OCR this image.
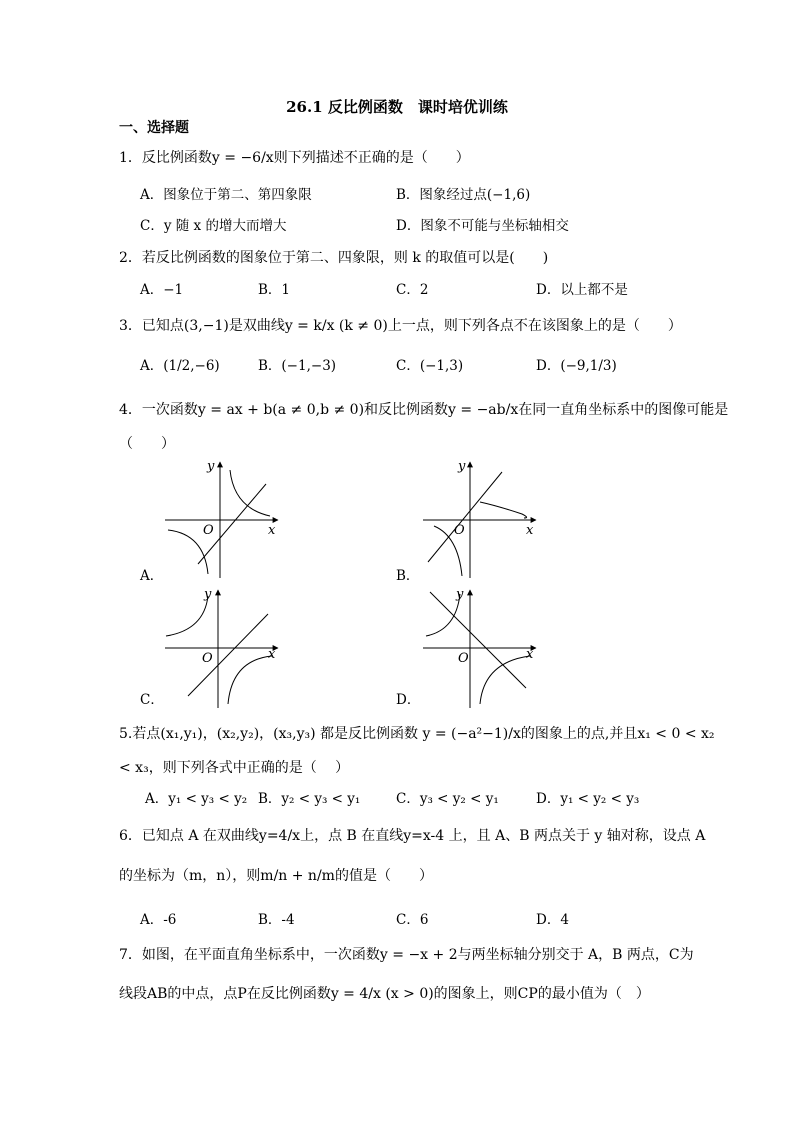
26.1 反比例函数　课时培优训练
一、选择题
1．反比例函数y = −6/x则下列描述不正确的是（　　）
A．图象位于第二、第四象限	B．图象经过点(−1,6)
C．y 随 x 的增大而增大	D．图象不可能与坐标轴相交
2．若反比例函数的图象位于第二、四象限，则 k 的取值可以是(　　)
A．−1	B．1	C．2	D．以上都不是
3．已知点(3,−1)是双曲线y = k/x (k ≠ 0)上一点，则下列各点不在该图象上的是（　　）
A．(1/2,−6)	B．(−1,−3)	C．(−1,3)	D．(−9,1/3)
4．一次函数y = ax + b(a ≠ 0,b ≠ 0)和反比例函数y = −ab/x在同一直角坐标系中的图像可能是
（　　）
y
x
O
A．
y
x
O
B．
y
x
O
C．
y
x
O
D．
5.若点(x₁,y₁)，(x₂,y₂)，(x₃,y₃) 都是反比例函数 y = (−a²−1)/x的图象上的点,并且x₁ < 0 < x₂
< x₃，则下列各式中正确的是（　 ）
A．y₁ < y₃ < y₂ B．y₂ < y₃ < y₁	C．y₃ < y₂ < y₁	D．y₁ < y₂ < y₃
6．已知点 A 在双曲线y=4/x上，点 B 在直线y=x-4 上，且 A、B 两点关于 y 轴对称，设点 A
的坐标为（m，n），则m/n + n/m的值是（　　）
A．-6	B．-4	C．6	D．4
7．如图，在平面直角坐标系中，一次函数y = −x + 2与两坐标轴分别交于 A，B 两点，C为
线段AB的中点，点P在反比例函数y = 4/x (x > 0)的图象上，则CP的最小值为（　）
